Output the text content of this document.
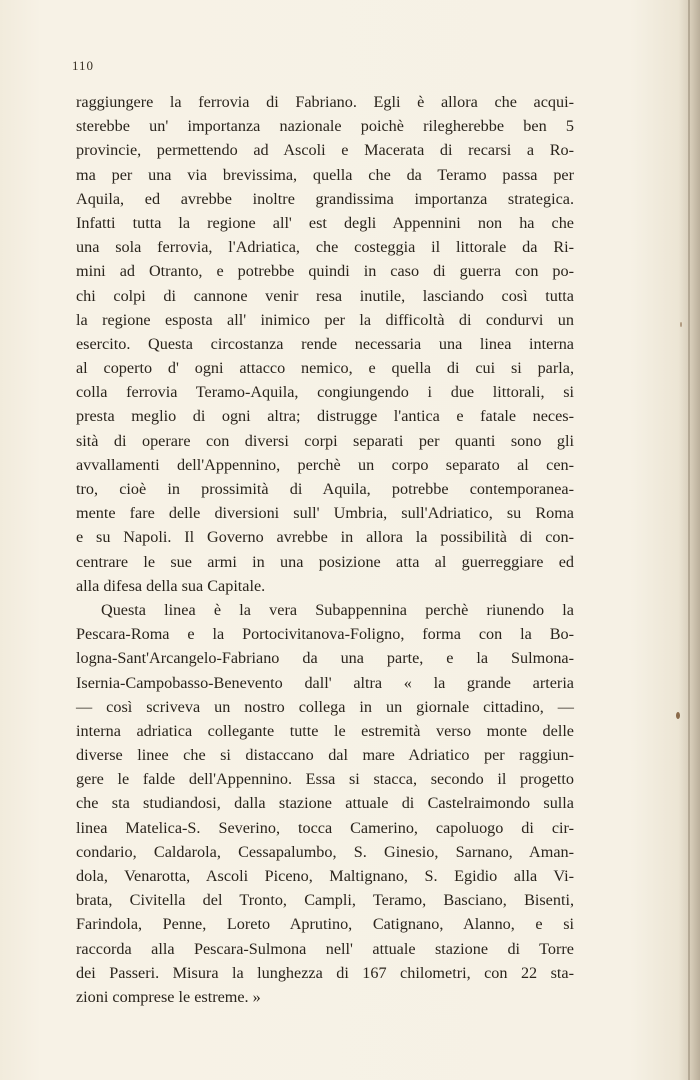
110
raggiungere la ferrovia di Fabriano. Egli è allora che acqui-
sterebbe un' importanza nazionale poichè rilegherebbe ben 5
provincie, permettendo ad Ascoli e Macerata di recarsi a Ro-
ma per una via brevissima, quella che da Teramo passa per
Aquila, ed avrebbe inoltre grandissima importanza strategica.
Infatti tutta la regione all' est degli Appennini non ha che
una sola ferrovia, l'Adriatica, che costeggia il littorale da Ri-
mini ad Otranto, e potrebbe quindi in caso di guerra con po-
chi colpi di cannone venir resa inutile, lasciando così tutta
la regione esposta all' inimico per la difficoltà di condurvi un
esercito. Questa circostanza rende necessaria una linea interna
al coperto d' ogni attacco nemico, e quella di cui si parla,
colla ferrovia Teramo-Aquila, congiungendo i due littorali, si
presta meglio di ogni altra; distrugge l'antica e fatale neces-
sità di operare con diversi corpi separati per quanti sono gli
avvallamenti dell'Appennino, perchè un corpo separato al cen-
tro, cioè in prossimità di Aquila, potrebbe contemporanea-
mente fare delle diversioni sull' Umbria, sull'Adriatico, su Roma
e su Napoli. Il Governo avrebbe in allora la possibilità di con-
centrare le sue armi in una posizione atta al guerreggiare ed
alla difesa della sua Capitale.
Questa linea è la vera Subappennina perchè riunendo la
Pescara-Roma e la Portocivitanova-Foligno, forma con la Bo-
logna-Sant'Arcangelo-Fabriano da una parte, e la Sulmona-
Isernia-Campobasso-Benevento dall' altra « la grande arteria
— così scriveva un nostro collega in un giornale cittadino, —
interna adriatica collegante tutte le estremità verso monte delle
diverse linee che si distaccano dal mare Adriatico per raggiun-
gere le falde dell'Appennino. Essa si stacca, secondo il progetto
che sta studiandosi, dalla stazione attuale di Castelraimondo sulla
linea Matelica-S. Severino, tocca Camerino, capoluogo di cir-
condario, Caldarola, Cessapalumbo, S. Ginesio, Sarnano, Aman-
dola, Venarotta, Ascoli Piceno, Maltignano, S. Egidio alla Vi-
brata, Civitella del Tronto, Campli, Teramo, Basciano, Bisenti,
Farindola, Penne, Loreto Aprutino, Catignano, Alanno, e si
raccorda alla Pescara-Sulmona nell' attuale stazione di Torre
dei Passeri. Misura la lunghezza di 167 chilometri, con 22 sta-
zioni comprese le estreme. »
